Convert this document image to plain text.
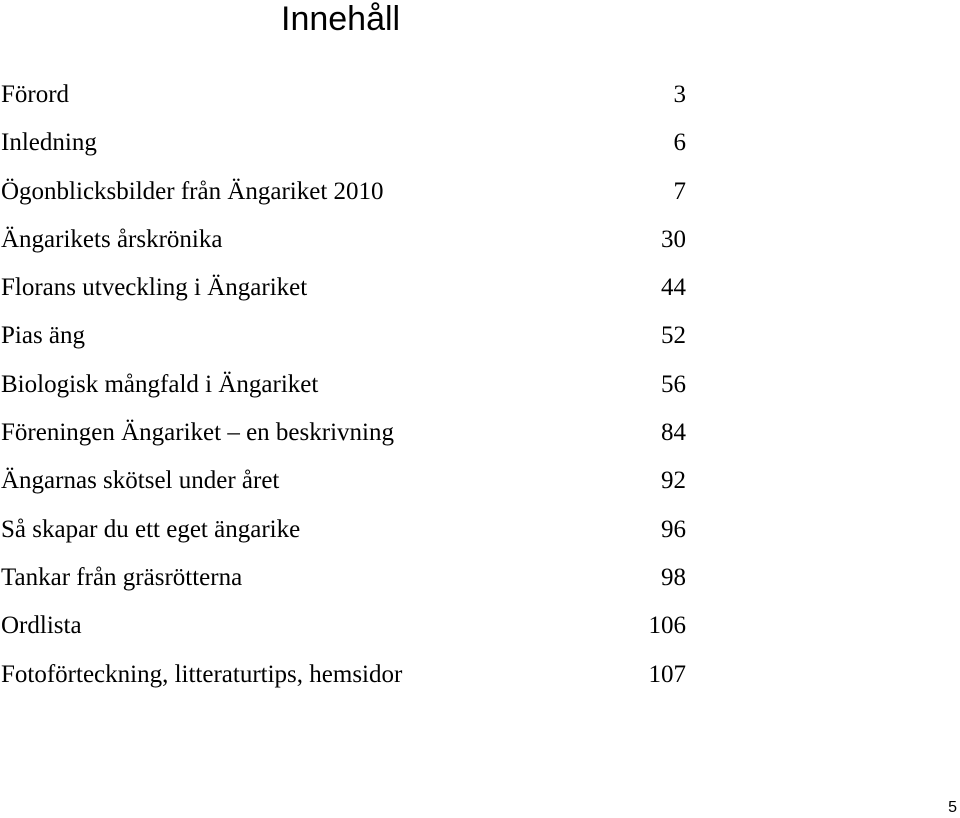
Innehåll
Förord	3
Inledning	6
Ögonblicksbilder från Ängariket 2010	7
Ängarikets årskrönika	30
Florans utveckling i Ängariket	44
Pias äng	52
Biologisk mångfald i Ängariket	56
Föreningen Ängariket – en beskrivning	84
Ängarnas skötsel under året	92
Så skapar du ett eget ängarike	96
Tankar från gräsrötterna	98
Ordlista	106
Fotoförteckning, litteraturtips, hemsidor	107
5
